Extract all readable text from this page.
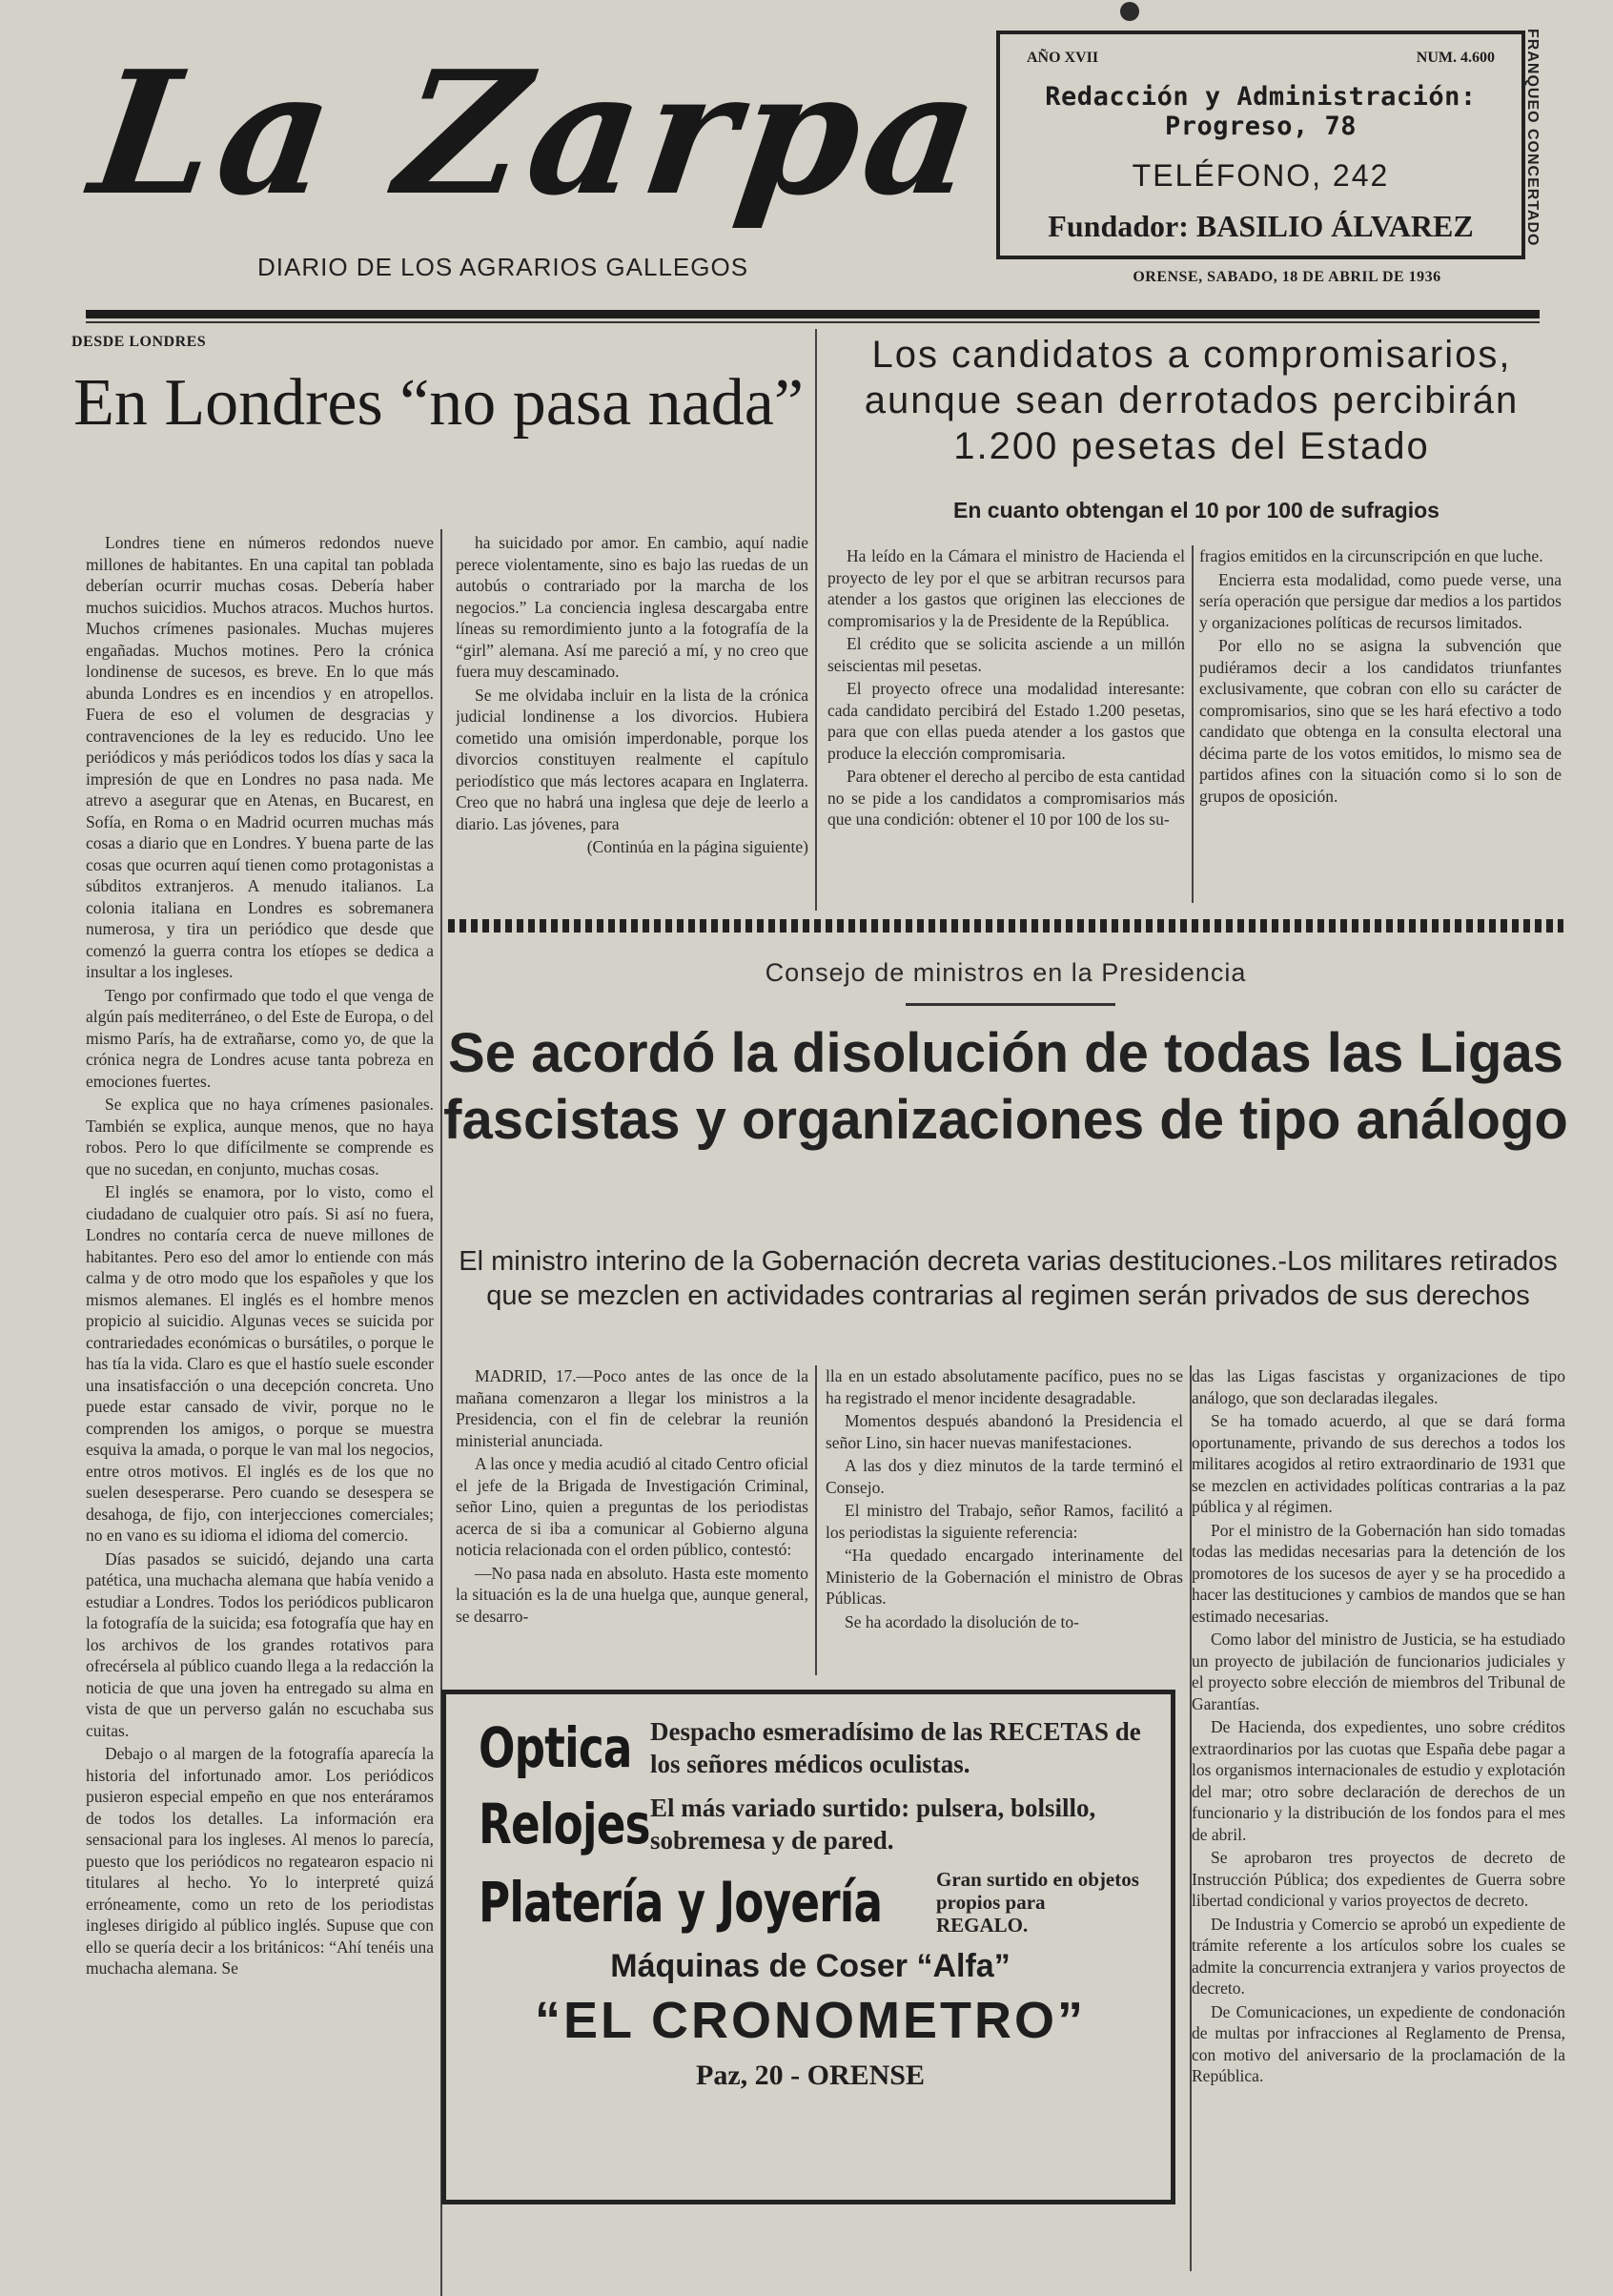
La Zarpa
DIARIO DE LOS AGRARIOS GALLEGOS
AÑO XVII	NUM. 4.600
Redacción y Administración: Progreso, 78
TELÉFONO, 242
Fundador: BASILIO ÁLVAREZ	FRANQUEO CONCERTADO
ORENSE, SABADO, 18 DE ABRIL DE 1936
DESDE LONDRES
En Londres “no pasa nada”

Londres tiene en números redondos nueve millones de habitantes. En una capital tan poblada deberían ocurrir muchas cosas. Debería haber muchos suicidios. Muchos atracos. Muchos hurtos. Muchos crímenes pasionales. Muchas mujeres engañadas. Muchos motines. Pero la crónica londinense de sucesos, es breve. En lo que más abunda Londres es en incendios y en atropellos. Fuera de eso el volumen de desgracias y contravenciones de la ley es reducido. Uno lee periódicos y más periódicos todos los días y saca la impresión de que en Londres no pasa nada. Me atrevo a asegurar que en Atenas, en Bucarest, en Sofía, en Roma o en Madrid ocurren muchas más cosas a diario que en Londres. Y buena parte de las cosas que ocurren aquí tienen como protagonistas a súbditos extranjeros. A menudo italianos. La colonia italiana en Londres es sobremanera numerosa, y tira un periódico que desde que comenzó la guerra contra los etíopes se dedica a insultar a los ingleses.

Tengo por confirmado que todo el que venga de algún país mediterráneo, o del Este de Europa, o del mismo París, ha de extrañarse, como yo, de que la crónica negra de Londres acuse tanta pobreza en emociones fuertes.

Se explica que no haya crímenes pasionales. También se explica, aunque menos, que no haya robos. Pero lo que difícilmente se comprende es que no sucedan, en conjunto, muchas cosas.

El inglés se enamora, por lo visto, como el ciudadano de cualquier otro país. Si así no fuera, Londres no contaría cerca de nueve millones de habitantes. Pero eso del amor lo entiende con más calma y de otro modo que los españoles y que los mismos alemanes. El inglés es el hombre menos propicio al suicidio. Algunas veces se suicida por contrariedades económicas o bursátiles, o porque le has tía la vida. Claro es que el hastío suele esconder una insatisfacción o una decepción concreta. Uno puede estar cansado de vivir, porque no le comprenden los amigos, o porque se muestra esquiva la amada, o porque le van mal los negocios, entre otros motivos. El inglés es de los que no suelen desesperarse. Pero cuando se desespera se desahoga, de fijo, con interjecciones comerciales; no en vano es su idioma el idioma del comercio.

Días pasados se suicidó, dejando una carta patética, una muchacha alemana que había venido a estudiar a Londres. Todos los periódicos publicaron la fotografía de la suicida; esa fotografía que hay en los archivos de los grandes rotativos para ofrecérsela al público cuando llega a la redacción la noticia de que una joven ha entregado su alma en vista de que un perverso galán no escuchaba sus cuitas.

Debajo o al margen de la fotografía aparecía la historia del infortunado amor. Los periódicos pusieron especial empeño en que nos enteráramos de todos los detalles. La información era sensacional para los ingleses. Al menos lo parecía, puesto que los periódicos no regatearon espacio ni titulares al hecho. Yo lo interpreté quizá erróneamente, como un reto de los periodistas ingleses dirigido al público inglés. Supuse que con ello se quería decir a los británicos: “Ahí tenéis una muchacha alemana. Se

ha suicidado por amor. En cambio, aquí nadie perece violentamente, sino es bajo las ruedas de un autobús o contrariado por la marcha de los negocios.” La conciencia inglesa descargaba entre líneas su remordimiento junto a la fotografía de la “girl” alemana. Así me pareció a mí, y no creo que fuera muy descaminado.

Se me olvidaba incluir en la lista de la crónica judicial londinense a los divorcios. Hubiera cometido una omisión imperdonable, porque los divorcios constituyen realmente el capítulo periodístico que más lectores acapara en Inglaterra. Creo que no habrá una inglesa que deje de leerlo a diario. Las jóvenes, para

(Continúa en la página siguiente)

Los candidatos a compromisarios, aunque sean derrotados percibirán 1.200 pesetas del Estado
En cuanto obtengan el 10 por 100 de sufragios

Ha leído en la Cámara el ministro de Hacienda el proyecto de ley por el que se arbitran recursos para atender a los gastos que originen las elecciones de compromisarios y la de Presidente de la República.

El crédito que se solicita asciende a un millón seiscientas mil pesetas.

El proyecto ofrece una modalidad interesante: cada candidato percibirá del Estado 1.200 pesetas, para que con ellas pueda atender a los gastos que produce la elección compromisaria.

Para obtener el derecho al percibo de esta cantidad no se pide a los candidatos a compromisarios más que una condición: obtener el 10 por 100 de los su-

fragios emitidos en la circunscripción en que luche.

Encierra esta modalidad, como puede verse, una sería operación que persigue dar medios a los partidos y organizaciones políticas de recursos limitados.

Por ello no se asigna la subvención que pudiéramos decir a los candidatos triunfantes exclusivamente, que cobran con ello su carácter de compromisarios, sino que se les hará efectivo a todo candidato que obtenga en la consulta electoral una décima parte de los votos emitidos, lo mismo sea de partidos afines con la situación como si lo son de grupos de oposición.

Consejo de ministros en la Presidencia
Se acordó la disolución de todas las Ligas fascistas y organizaciones de tipo análogo
El ministro interino de la Gobernación decreta varias destituciones.-Los militares retirados que se mezclen en actividades contrarias al regimen serán privados de sus derechos

MADRID, 17.—Poco antes de las once de la mañana comenzaron a llegar los ministros a la Presidencia, con el fin de celebrar la reunión ministerial anunciada.

A las once y media acudió al citado Centro oficial el jefe de la Brigada de Investigación Criminal, señor Lino, quien a preguntas de los periodistas acerca de si iba a comunicar al Gobierno alguna noticia relacionada con el orden público, contestó:

—No pasa nada en absoluto. Hasta este momento la situación es la de una huelga que, aunque general, se desarro-

lla en un estado absolutamente pacífico, pues no se ha registrado el menor incidente desagradable.

Momentos después abandonó la Presidencia el señor Lino, sin hacer nuevas manifestaciones.

A las dos y diez minutos de la tarde terminó el Consejo.

El ministro del Trabajo, señor Ramos, facilitó a los periodistas la siguiente referencia:

“Ha quedado encargado interinamente del Ministerio de la Gobernación el ministro de Obras Públicas.

Se ha acordado la disolución de to-

das las Ligas fascistas y organizaciones de tipo análogo, que son declaradas ilegales.

Se ha tomado acuerdo, al que se dará forma oportunamente, privando de sus derechos a todos los militares acogidos al retiro extraordinario de 1931 que se mezclen en actividades políticas contrarias a la paz pública y al régimen.

Por el ministro de la Gobernación han sido tomadas todas las medidas necesarias para la detención de los promotores de los sucesos de ayer y se ha procedido a hacer las destituciones y cambios de mandos que se han estimado necesarias.

Como labor del ministro de Justicia, se ha estudiado un proyecto de jubilación de funcionarios judiciales y el proyecto sobre elección de miembros del Tribunal de Garantías.

De Hacienda, dos expedientes, uno sobre créditos extraordinarios por las cuotas que España debe pagar a los organismos internacionales de estudio y explotación del mar; otro sobre declaración de derechos de un funcionario y la distribución de los fondos para el mes de abril.

Se aprobaron tres proyectos de decreto de Instrucción Pública; dos expedientes de Guerra sobre libertad condicional y varios proyectos de decreto.

De Industria y Comercio se aprobó un expediente de trámite referente a los artículos sobre los cuales se admite la concurrencia extranjera y varios proyectos de decreto.

De Comunicaciones, un expediente de condonación de multas por infracciones al Reglamento de Prensa, con motivo del aniversario de la proclamación de la República.

Optica Despacho esmeradísimo de las RECETAS de los señores médicos oculistas.
Relojes El más variado surtido: pulsera, bolsillo, sobremesa y de pared.
Platería y Joyería	Gran surtido en objetos propios para REGALO.
Máquinas de Coser “Alfa”
“EL CRONOMETRO”
Paz, 20 - ORENSE
